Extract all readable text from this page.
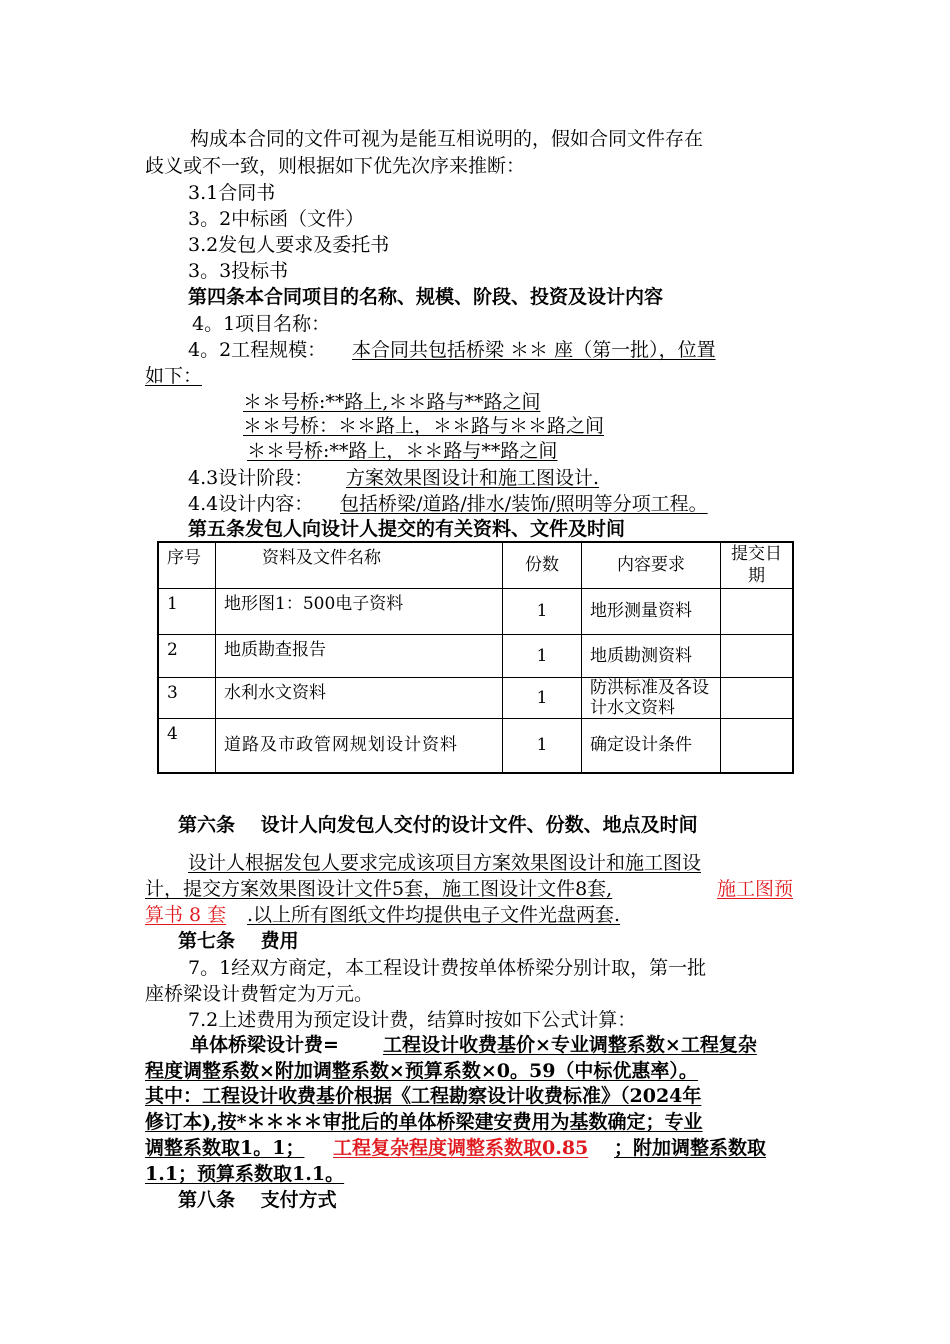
构成本合同的文件可视为是能互相说明的，假如合同文件存在
歧义或不一致，则根据如下优先次序来推断：
3.1合同书
3。2中标函（文件）
3.2发包人要求及委托书
3。3投标书
第四条本合同项目的名称、规模、阶段、投资及设计内容
4。1项目名称：
4。2工程规模： 本合同共包括桥梁 ＊＊ 座（第一批），位置
如下：
＊＊号桥:**路上,＊＊路与**路之间
＊＊号桥：＊＊路上，＊＊路与＊＊路之间
＊＊号桥:**路上，＊＊路与**路之间
4.3设计阶段： 方案效果图设计和施工图设计.
4.4设计内容： 包括桥梁/道路/排水/装饰/照明等分项工程。
第五条发包人向设计人提交的有关资料、文件及时间
序号	资料及文件名称	份数	内容要求	提交日期
1	地形图1：500电子资料	1	地形测量资料	
2	地质勘查报告	1	地质勘测资料	
3	水利水文资料	1	防洪标准及各设计水文资料	
4	道路及市政管网规划设计资料	1	确定设计条件	
第六条　 设计人向发包人交付的设计文件、份数、地点及时间
设计人根据发包人要求完成该项目方案效果图设计和施工图设
计，提交方案效果图设计文件5套，施工图设计文件8套,	施工图预
算书 8 套 .以上所有图纸文件均提供电子文件光盘两套.
第七条　 费用
7。1经双方商定，本工程设计费按单体桥梁分别计取，第一批
座桥梁设计费暂定为万元。
7.2上述费用为预定设计费，结算时按如下公式计算：
单体桥梁设计费= 工程设计收费基价×专业调整系数×工程复杂
程度调整系数×附加调整系数×预算系数×0。59（中标优惠率）。
其中：工程设计收费基价根据《工程勘察设计收费标准》（2024年
修订本),按*＊＊＊＊审批后的单体桥梁建安费用为基数确定；专业
调整系数取1。1； 工程复杂程度调整系数取0.85 ；附加调整系数取
1.1；预算系数取1.1。
第八条　 支付方式
